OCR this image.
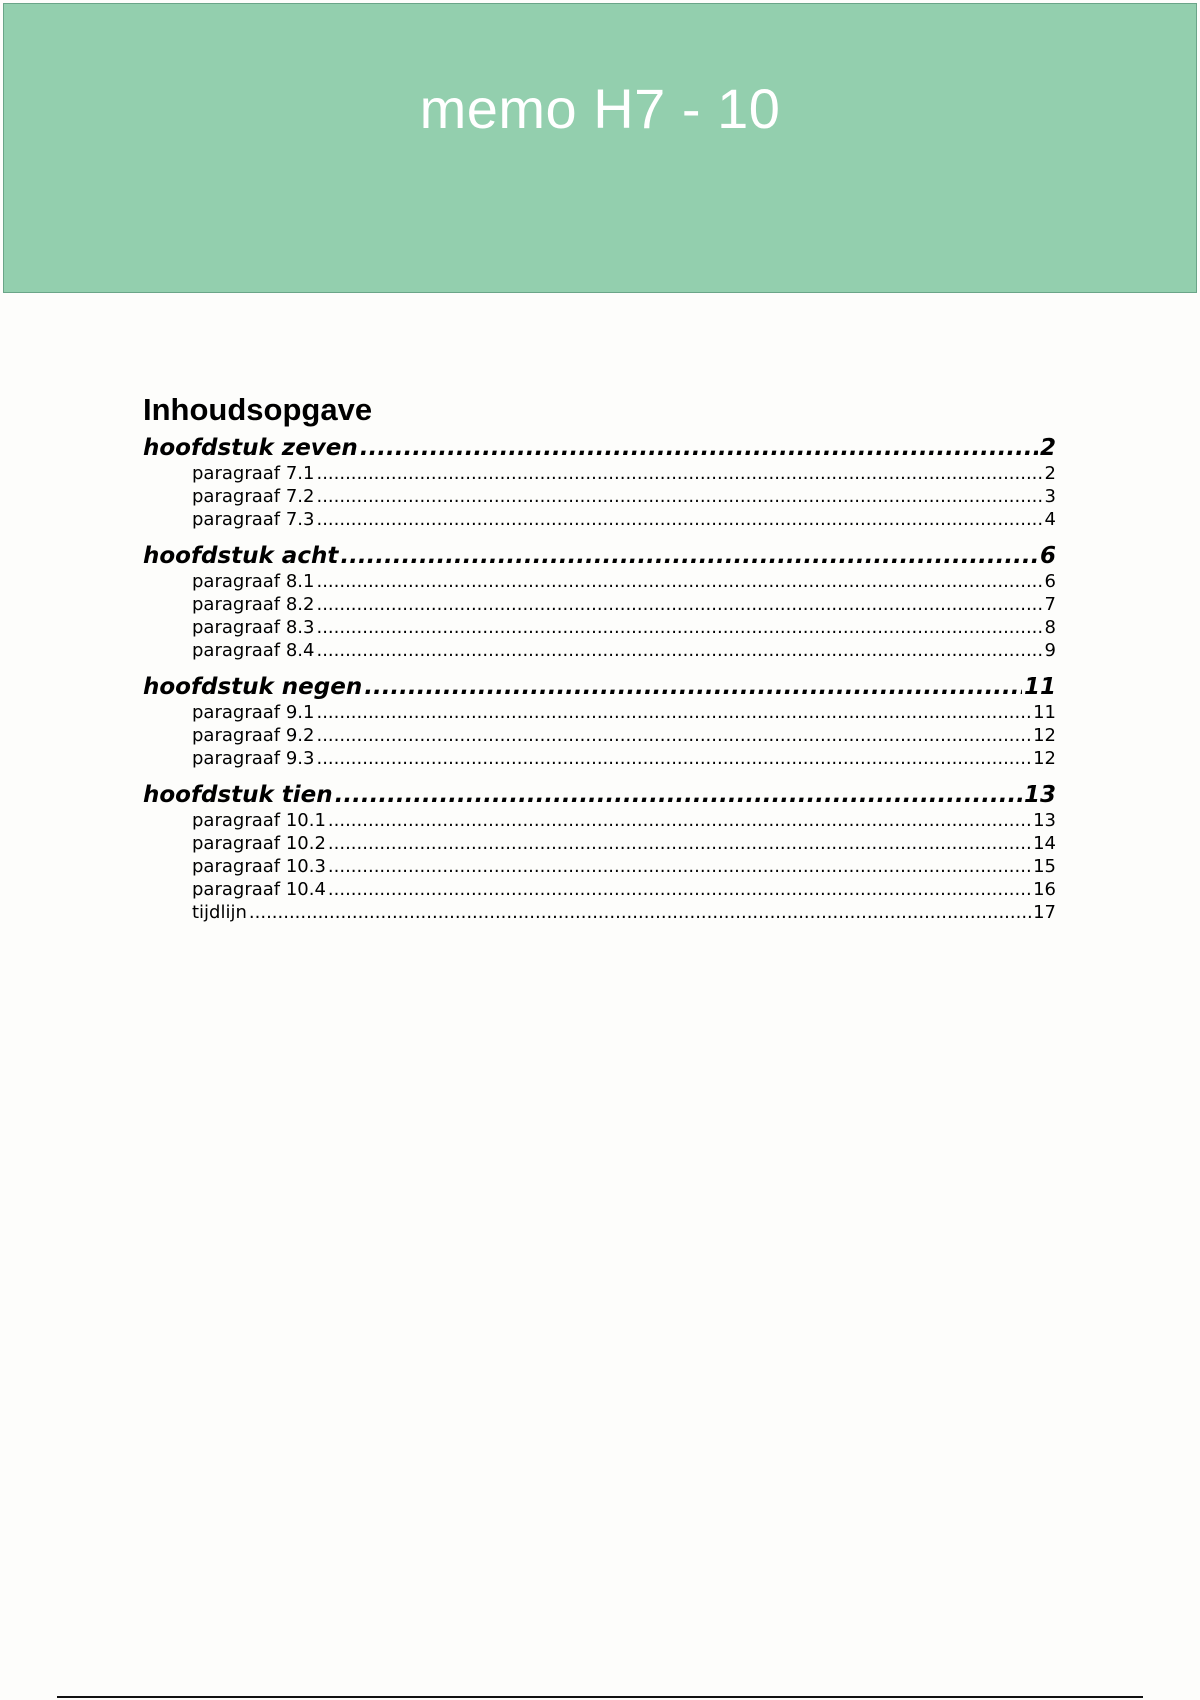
memo H7 - 10
Inhoudsopgave
hoofdstuk zeven .....	2
paragraaf 7.1 .....	2
paragraaf 7.2 .....	3
paragraaf 7.3 .....	4
hoofdstuk acht .....	6
paragraaf 8.1 .....	6
paragraaf 8.2 .....	7
paragraaf 8.3 .....	8
paragraaf 8.4 .....	9
hoofdstuk negen .....	11
paragraaf 9.1 .....	11
paragraaf 9.2 .....	12
paragraaf 9.3 .....	12
hoofdstuk tien .....	13
paragraaf 10.1 .....	13
paragraaf 10.2 .....	14
paragraaf 10.3 .....	15
paragraaf 10.4 .....	16
tijdlijn .....	17
